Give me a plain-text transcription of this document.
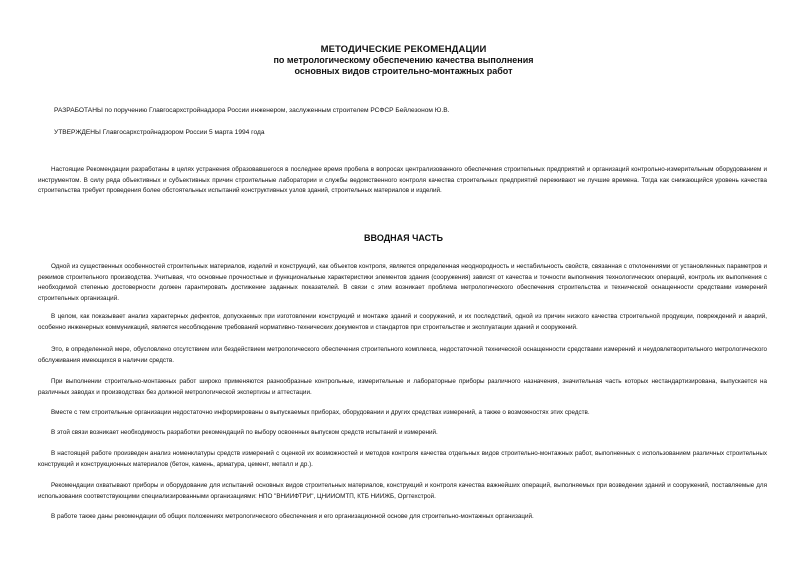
МЕТОДИЧЕСКИЕ РЕКОМЕНДАЦИИ
по метрологическому обеспечению качества выполнения
основных видов строительно-монтажных работ
РАЗРАБОТАНЫ по поручению Главгосархстройнадзора России инженером, заслуженным строителем РСФСР Бейлезоном Ю.В.
УТВЕРЖДЕНЫ Главгосархстройнадзором России 5 марта 1994 года
Настоящие Рекомендации разработаны в целях устранения образовавшегося в последнее время пробела в вопросах централизованного обеспечения строительных предприятий и организаций контрольно-измерительным оборудованием и инструментом. В силу ряда объективных и субъективных причин строительные лаборатории и службы ведомственного контроля качества строительных предприятий переживают не лучшие времена. Тогда как снижающийся уровень качества строительства требует проведения более обстоятельных испытаний конструктивных узлов зданий, строительных материалов и изделий.
ВВОДНАЯ ЧАСТЬ
Одной из существенных особенностей строительных материалов, изделий и конструкций, как объектов контроля, является определенная неоднородность и нестабильность свойств, связанная с отклонениями от установленных параметров и режимов строительного производства. Учитывая, что основные прочностные и функциональные характеристики элементов здания (сооружения) зависят от качества и точности выполнения технологических операций, контроль их выполнения с необходимой степенью достоверности должен гарантировать достижение заданных показателей. В связи с этим возникает проблема метрологического обеспечения строительства и технической оснащенности средствами измерений строительных организаций.
В целом, как показывает анализ характерных дефектов, допускаемых при изготовлении конструкций и монтаже зданий и сооружений, и их последствий, одной из причин низкого качества строительной продукции, повреждений и аварий, особенно инженерных коммуникаций, является несоблюдение требований нормативно-технических документов и стандартов при строительстве и эксплуатации зданий и сооружений.
Это, в определенной мере, обусловлено отсутствием или бездействием метрологического обеспечения строительного комплекса, недостаточной технической оснащенности средствами измерений и неудовлетворительного метрологического обслуживания имеющихся в наличии средств.
При выполнении строительно-монтажных работ широко применяются разнообразные контрольные, измерительные и лабораторные приборы различного назначения, значительная часть которых нестандартизирована, выпускается на различных заводах и производствах без должной метрологической экспертизы и аттестации.
Вместе с тем строительные организации недостаточно информированы о выпускаемых приборах, оборудовании и других средствах измерений, а также о возможностях этих средств.
В этой связи возникает необходимость разработки рекомендаций по выбору освоенных выпуском средств испытаний и измерений.
В настоящей работе произведен анализ номенклатуры средств измерений с оценкой их возможностей и методов контроля качества отдельных видов строительно-монтажных работ, выполненных с использованием различных строительных конструкций и конструкционных материалов (бетон, камень, арматура, цемент, металл и др.).
Рекомендации охватывают приборы и оборудование для испытаний основных видов строительных материалов, конструкций и контроля качества важнейших операций, выполняемых при возведении зданий и сооружений, поставляемые для использования соответствующими специализированными организациями: НПО "ВНИИФТРИ", ЦНИИОМТП, КТБ НИИЖБ, Оргтехстрой.
В работе также даны рекомендации об общих положениях метрологического обеспечения и его организационной основе для строительно-монтажных организаций.
